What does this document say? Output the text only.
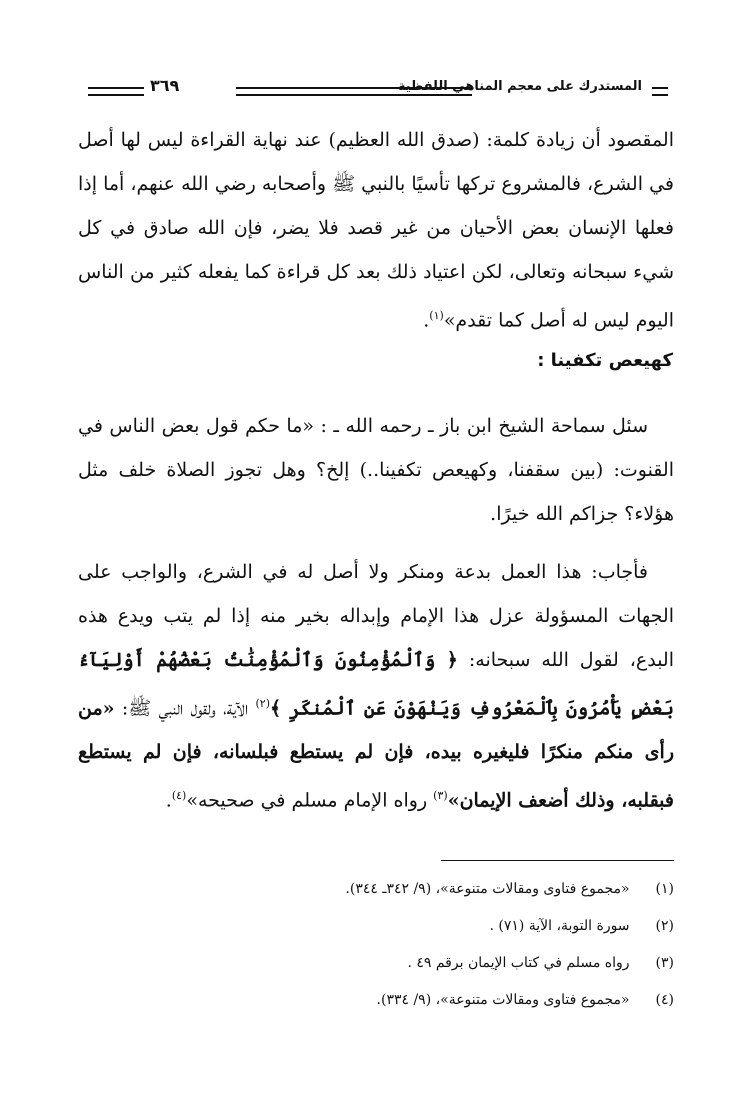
المستدرك على معجم المناهي اللفظية
٣٦٩
المقصود أن زيادة كلمة: (صدق الله العظيم) عند نهاية القراءة ليس لها أصل في الشرع، فالمشروع تركها تأسيًا بالنبي ﷺ وأصحابه رضي الله عنهم، أما إذا فعلها الإنسان بعض الأحيان من غير قصد فلا يضر، فإن الله صادق في كل شيء سبحانه وتعالى، لكن اعتياد ذلك بعد كل قراءة كما يفعله كثير من الناس اليوم ليس له أصل كما تقدم»$^{(١)}$.
كهيعص تكفينا :
سئل سماحة الشيخ ابن باز ـ رحمه الله ـ : «ما حكم قول بعض الناس في القنوت: (بين سقفنا، وكهيعص تكفينا..) إلخ؟ وهل تجوز الصلاة خلف مثل هؤلاء؟ جزاكم الله خيرًا.
فأجاب: هذا العمل بدعة ومنكر ولا أصل له في الشرع، والواجب على الجهات المسؤولة عزل هذا الإمام وإبداله بخير منه إذا لم يتب ويدع هذه البدع، لقول الله سبحانه: ﴿ وَٱلْمُؤْمِنُونَ وَٱلْمُؤْمِنَٰتُ بَعْضُهُمْ أَوْلِيَآءُ بَعْضٍ يَأْمُرُونَ بِٱلْمَعْرُوفِ وَيَنْهَوْنَ عَنِ ٱلْمُنكَرِ ﴾$^{(٢)}$ الآية، ولقول النبي ﷺ: «من رأى منكم منكرًا فليغيره بيده، فإن لم يستطع فبلسانه، فإن لم يستطع فبقلبه، وذلك أضعف الإيمان»$^{(٣)}$ رواه الإمام مسلم في صحيحه»$^{(٤)}$.
(١) «مجموع فتاوى ومقالات متنوعة»، (٩/ ٣٤٢ـ ٣٤٤).
(٢) سورة التوبة، الآية (٧١) .
(٣) رواه مسلم في كتاب الإيمان برقم ٤٩ .
(٤) «مجموع فتاوى ومقالات متنوعة»، (٩/ ٣٣٤).
